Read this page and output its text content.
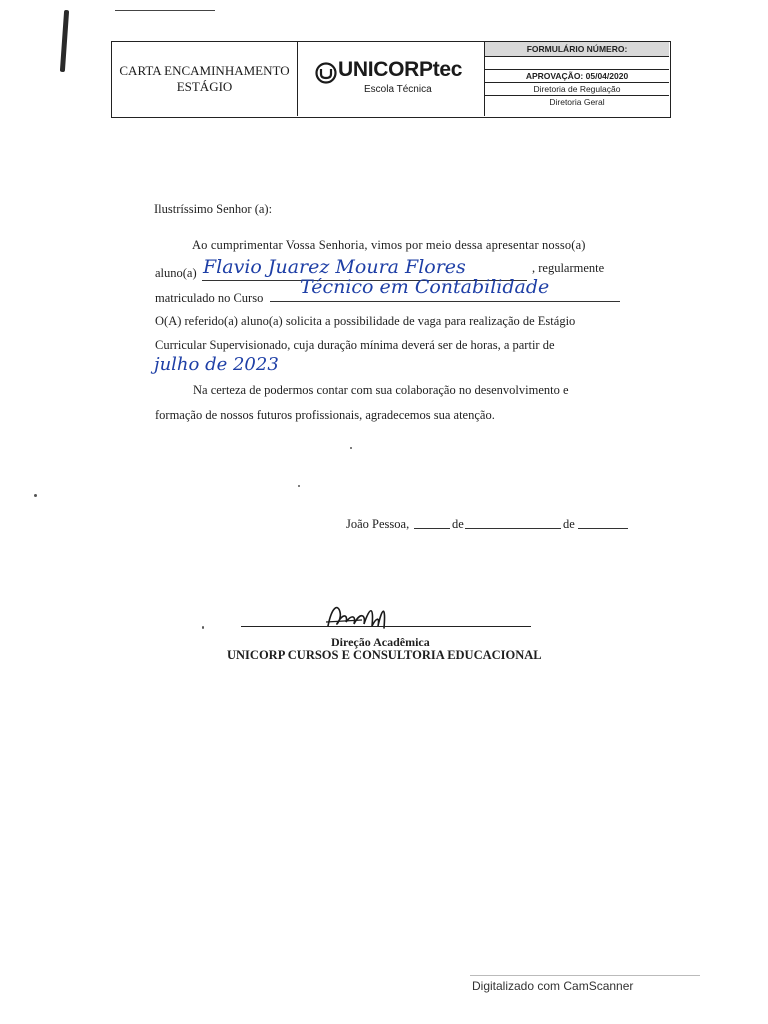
CARTA ENCAMINHAMENTO
ESTÁGIO
UNICORPtec
Escola Técnica
FORMULÁRIO NÚMERO:
APROVAÇÃO: 05/04/2020
Diretoria de Regulação
Diretoria Geral
Ilustríssimo Senhor (a):
Ao cumprimentar Vossa Senhoria, vimos por meio dessa apresentar nosso(a)
aluno(a) Flavio Juarez Moura Flores	, regularmente
matriculado no Curso Técnico em Contabilidade
O(A) referido(a) aluno(a) solicita a possibilidade de vaga para realização de Estágio
Curricular Supervisionado, cuja duração mínima deverá ser de horas, a partir de
julho de 2023
Na certeza de podermos contar com sua colaboração no desenvolvimento e
formação de nossos futuros profissionais, agradecemos sua atenção.
João Pessoa,	de	de
Direção Acadêmica
UNICORP CURSOS E CONSULTORIA EDUCACIONAL
Digitalizado com CamScanner
